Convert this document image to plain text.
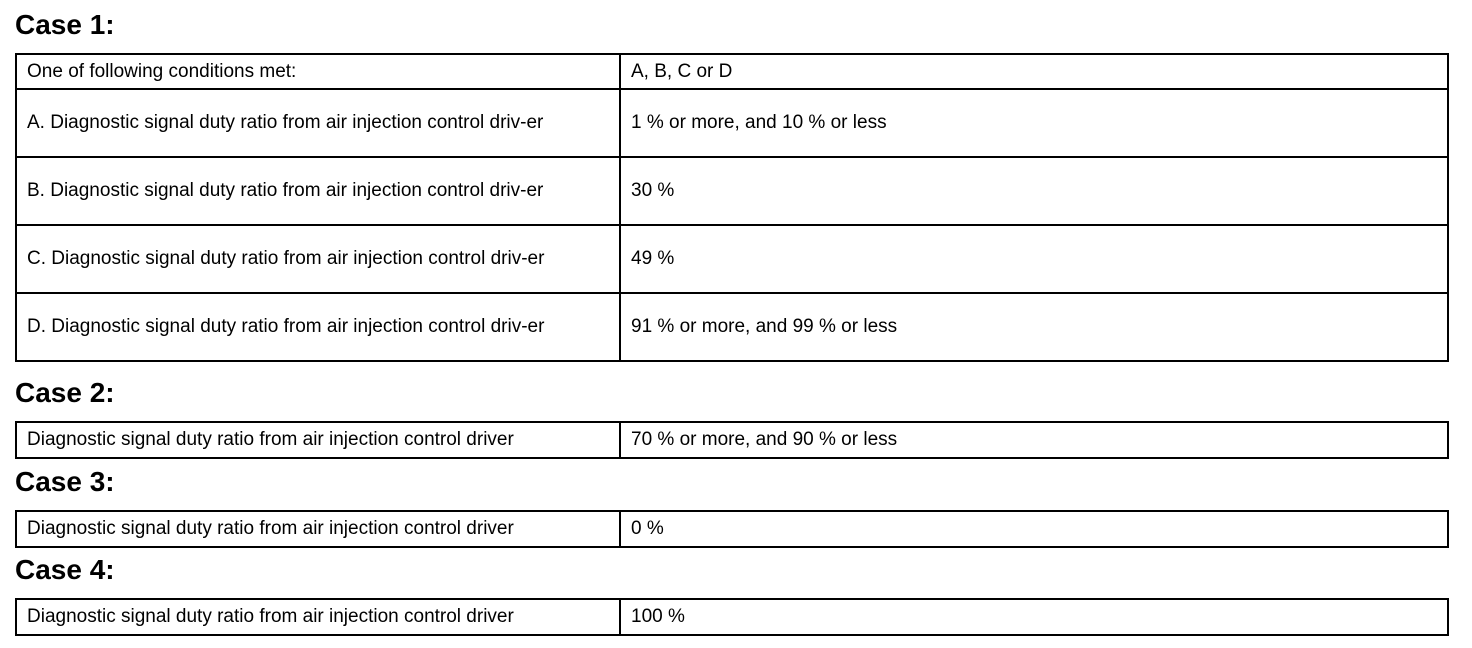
Case 1:
One of following conditions met:	A, B, C or D
A. Diagnostic signal duty ratio from air injection control driv-er	1 % or more, and 10 % or less
B. Diagnostic signal duty ratio from air injection control driv-er	30 %
C. Diagnostic signal duty ratio from air injection control driv-er	49 %
D. Diagnostic signal duty ratio from air injection control driv-er	91 % or more, and 99 % or less
Case 2:
Diagnostic signal duty ratio from air injection control driver	70 % or more, and 90 % or less
Case 3:
Diagnostic signal duty ratio from air injection control driver	0 %
Case 4:
Diagnostic signal duty ratio from air injection control driver	100 %
